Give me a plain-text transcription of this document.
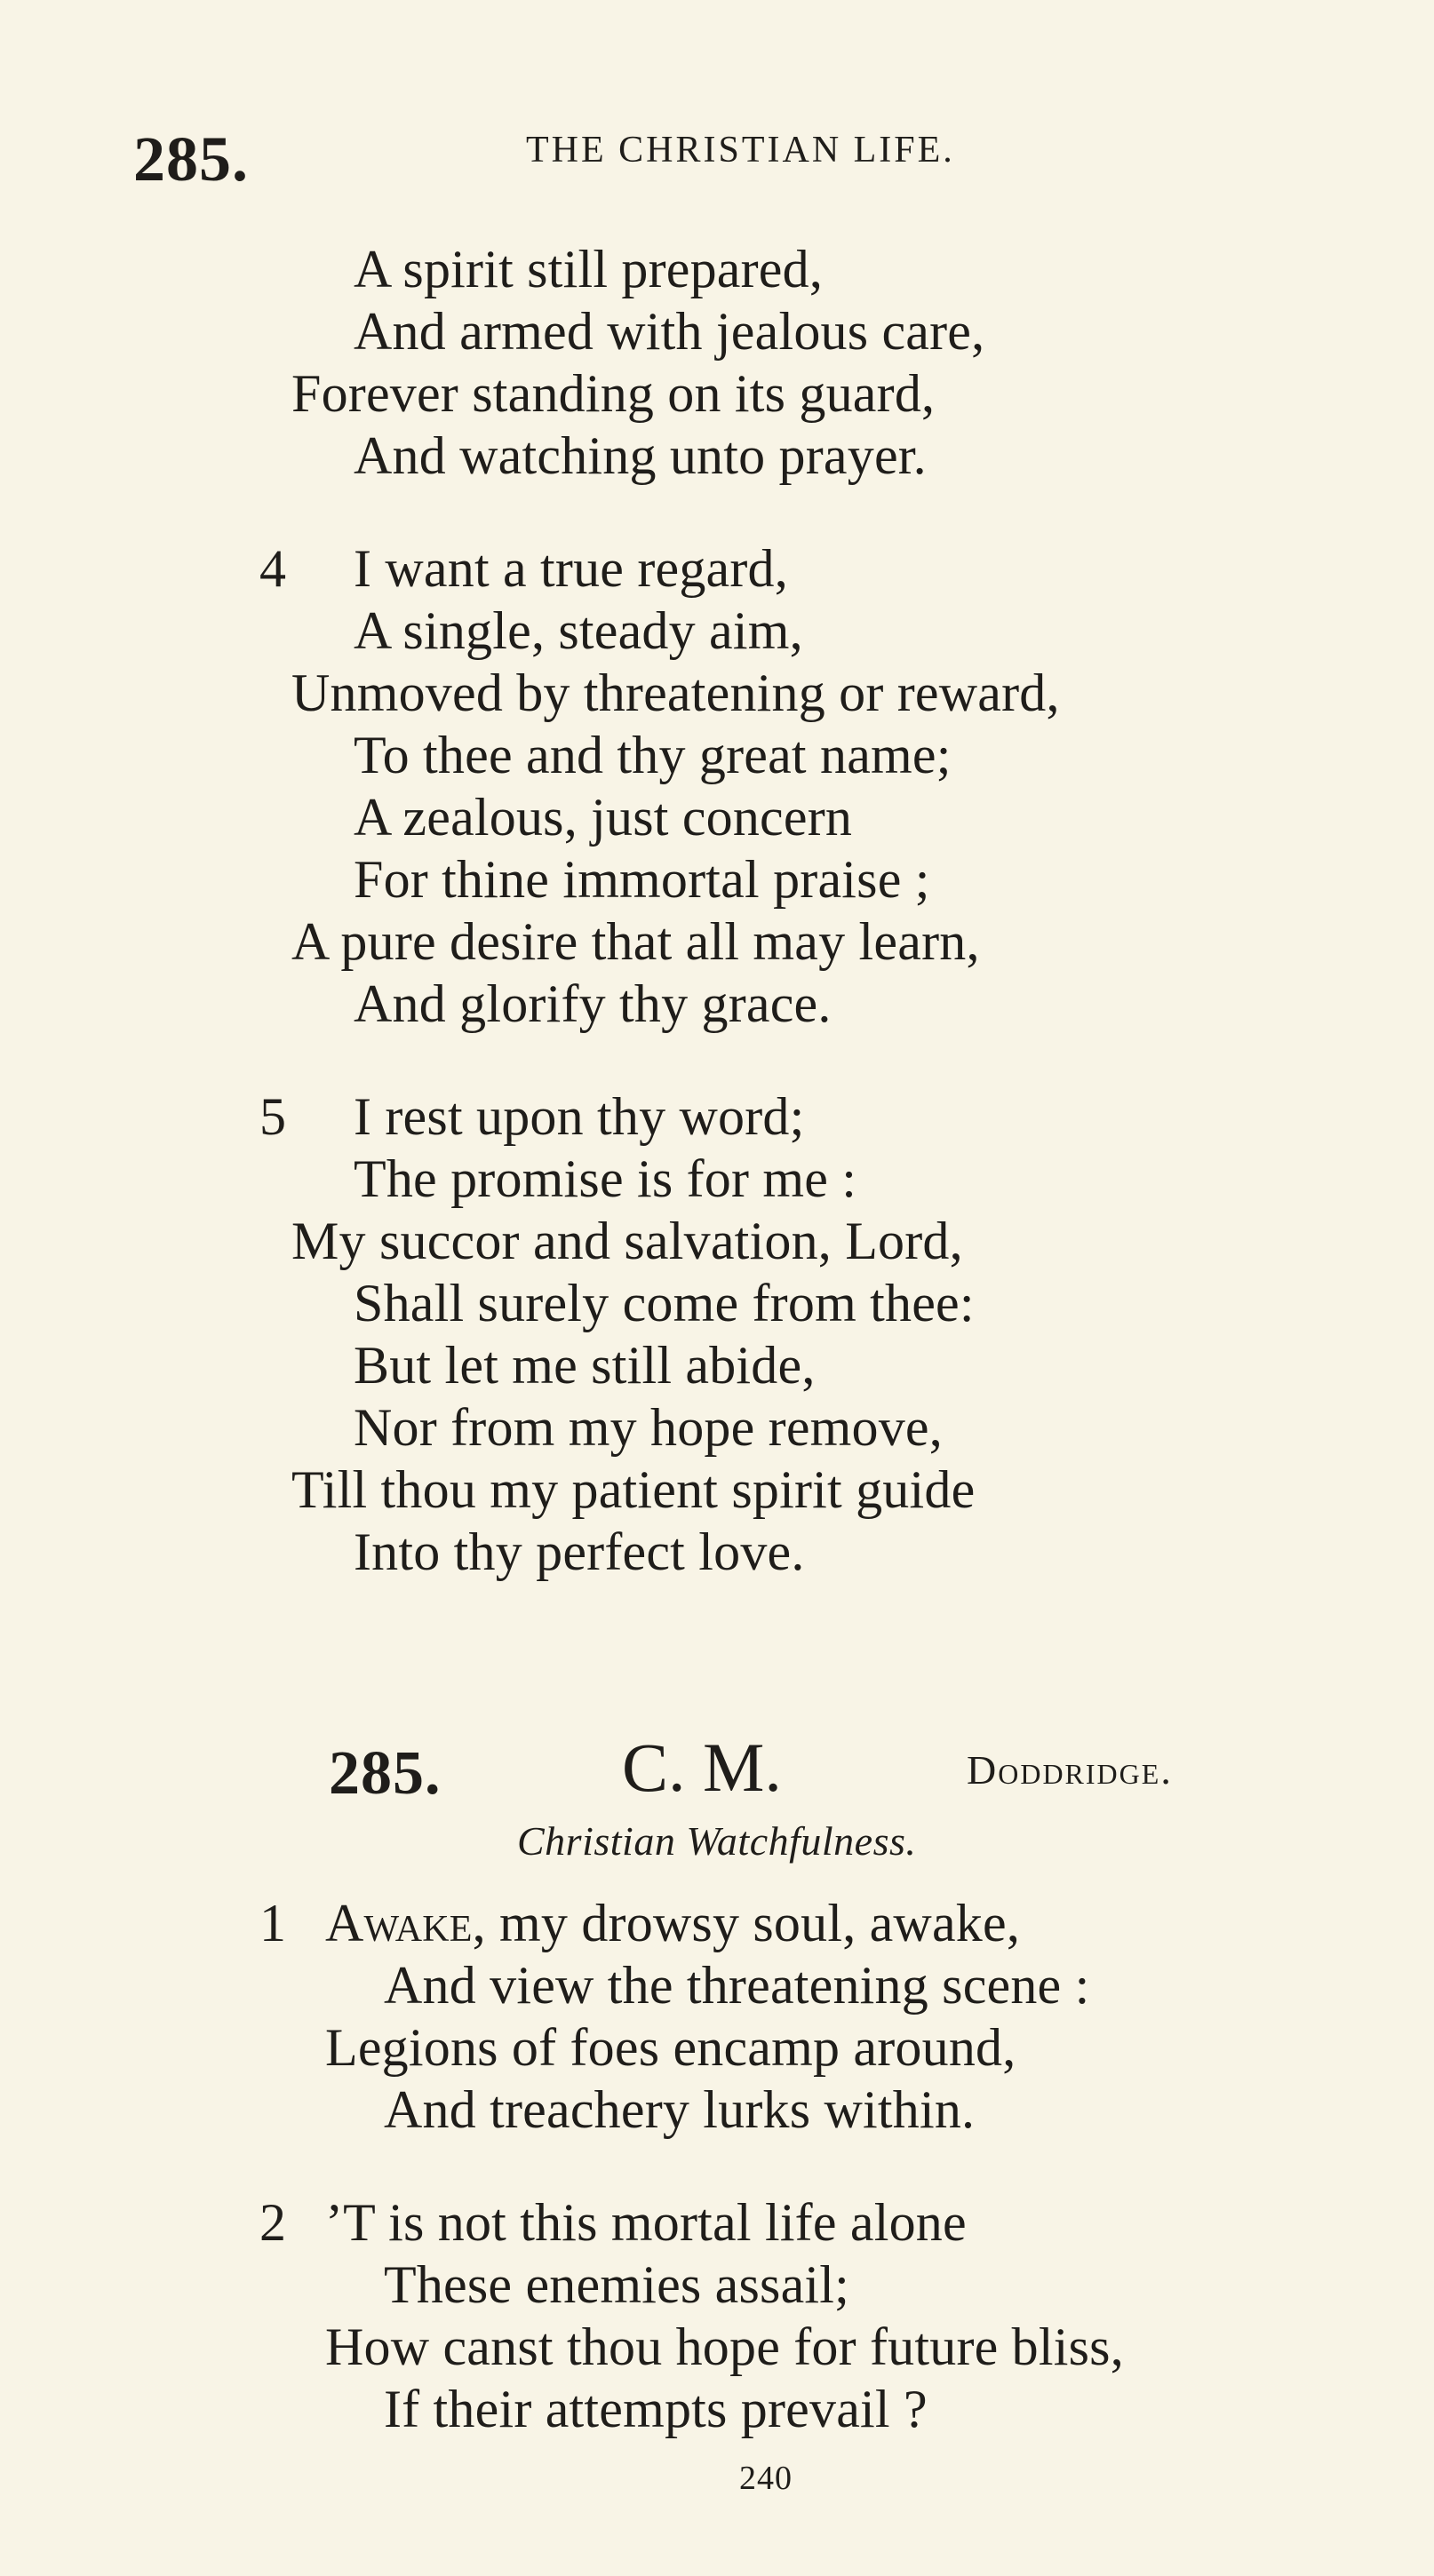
285.	THE CHRISTIAN LIFE.
A spirit still prepared,
And armed with jealous care,
Forever standing on its guard,
And watching unto prayer.
4 I want a true regard,
A single, steady aim,
Unmoved by threatening or reward,
To thee and thy great name;
A zealous, just concern
For thine immortal praise ;
A pure desire that all may learn,
And glorify thy grace.
5 I rest upon thy word;
The promise is for me :
My succor and salvation, Lord,
Shall surely come from thee:
But let me still abide,
Nor from my hope remove,
Till thou my patient spirit guide
Into thy perfect love.
285.	C. M.	Doddridge.
Christian Watchfulness.
1 Awake, my drowsy soul, awake,
And view the threatening scene :
Legions of foes encamp around,
And treachery lurks within.
2 ’T is not this mortal life alone
These enemies assail;
How canst thou hope for future bliss,
If their attempts prevail ?
240
